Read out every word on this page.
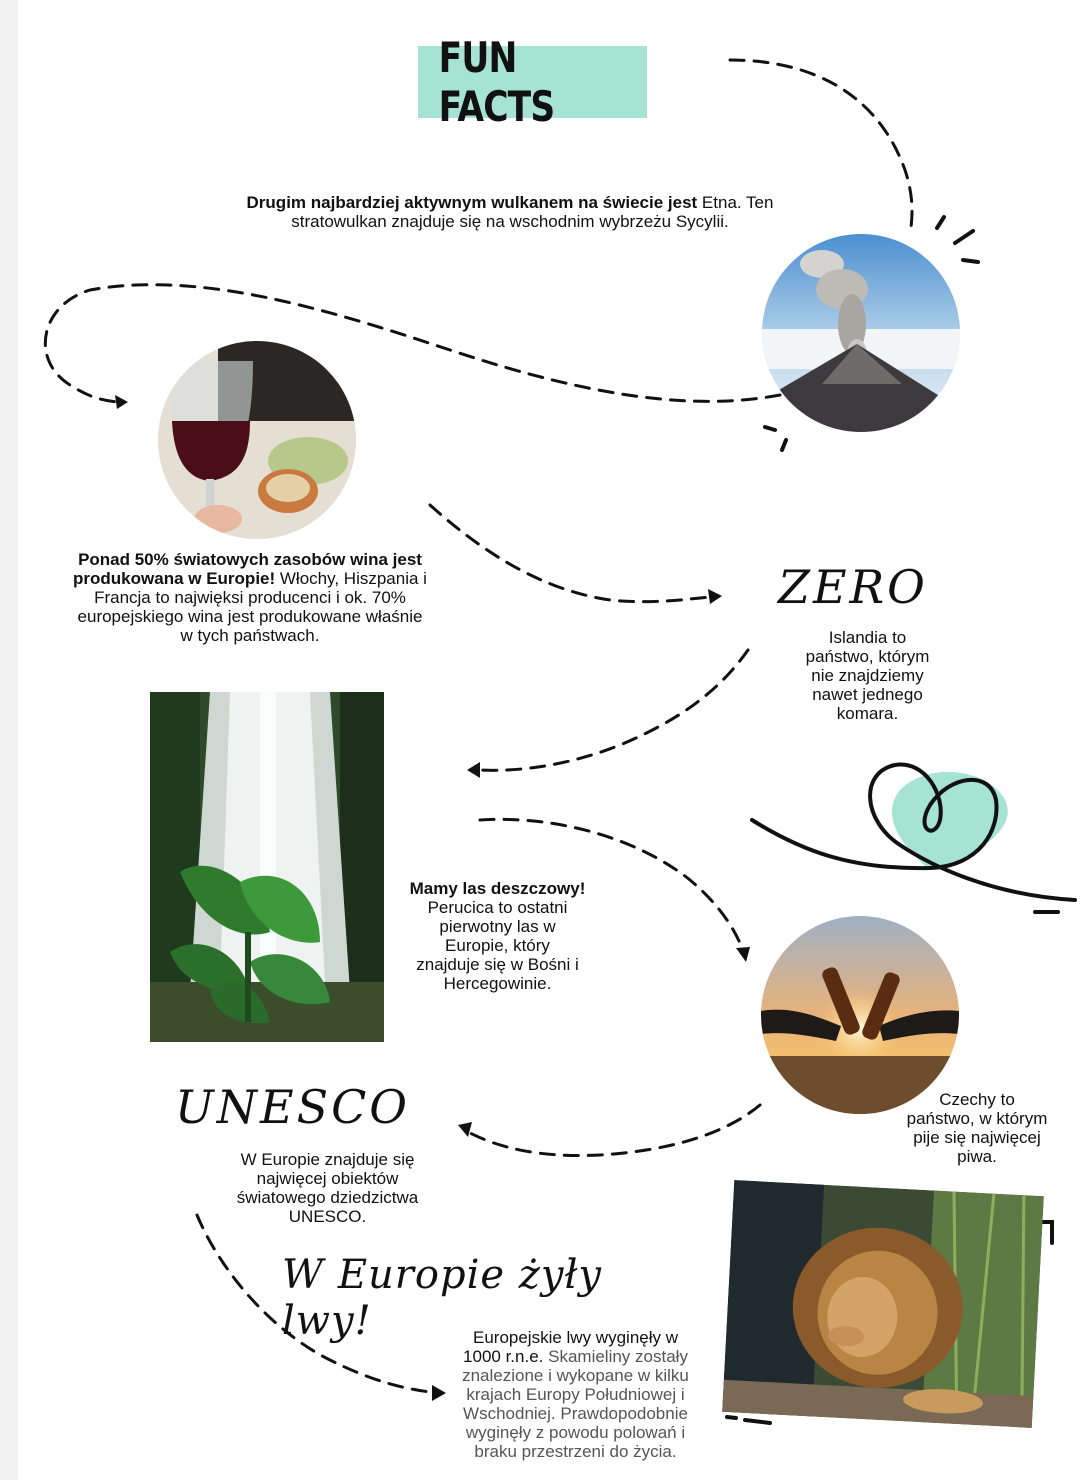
FUN FACTS
Drugim najbardziej aktywnym wulkanem na świecie jest Etna. Ten
stratowulkan znajduje się na wschodnim wybrzeżu Sycylii.
Ponad 50% światowych zasobów wina jest
produkowana w Europie! Włochy, Hiszpania i
Francja to najwięksi producenci i ok. 70%
europejskiego wina jest produkowane właśnie
w tych państwach.
ZERO
Islandia to
państwo, którym
nie znajdziemy
nawet jednego
komara.
Mamy las deszczowy!
Perucica to ostatni
pierwotny las w
Europie, który
znajduje się w Bośni i
Hercegowinie.
Czechy to
państwo, w którym
pije się najwięcej
piwa.
UNESCO
W Europie znajduje się
najwięcej obiektów
światowego dziedzictwa
UNESCO.
W Europie żyły lwy!	Europejskie lwy wyginęły w
1000 r.n.e. Skamieliny zostały
znalezione i wykopane w kilku
krajach Europy Południowej i
Wschodniej. Prawdopodobnie
wyginęły z powodu polowań i
braku przestrzeni do życia.
